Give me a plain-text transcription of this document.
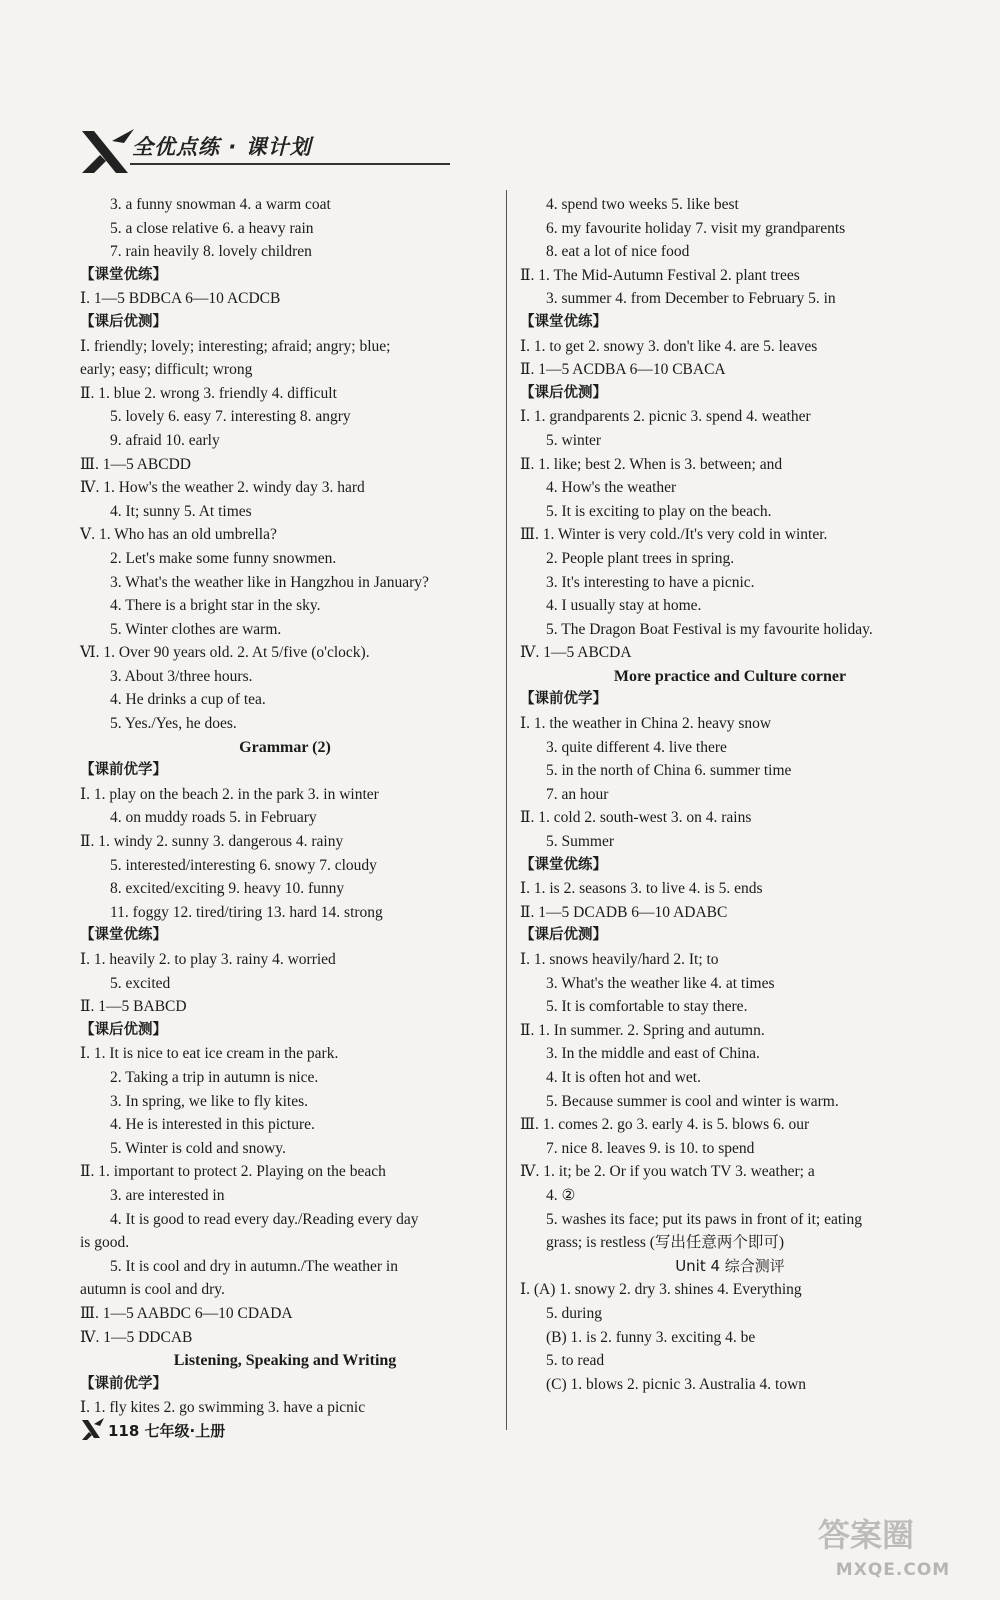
全优点练 · 课计划
3. a funny snowman 4. a warm coat
5. a close relative 6. a heavy rain
7. rain heavily 8. lovely children
【课堂优练】
Ⅰ. 1—5 BDBCA 6—10 ACDCB
【课后优测】
Ⅰ. friendly; lovely; interesting; afraid; angry; blue;
early; easy; difficult; wrong
Ⅱ. 1. blue 2. wrong 3. friendly 4. difficult
5. lovely 6. easy 7. interesting 8. angry
9. afraid 10. early
Ⅲ. 1—5 ABCDD
Ⅳ. 1. How's the weather 2. windy day 3. hard
4. It; sunny 5. At times
Ⅴ. 1. Who has an old umbrella?
2. Let's make some funny snowmen.
3. What's the weather like in Hangzhou in January?
4. There is a bright star in the sky.
5. Winter clothes are warm.
Ⅵ. 1. Over 90 years old. 2. At 5/five (o'clock).
3. About 3/three hours.
4. He drinks a cup of tea.
5. Yes./Yes, he does.
Grammar (2)
【课前优学】
Ⅰ. 1. play on the beach 2. in the park 3. in winter
4. on muddy roads 5. in February
Ⅱ. 1. windy 2. sunny 3. dangerous 4. rainy
5. interested/interesting 6. snowy 7. cloudy
8. excited/exciting 9. heavy 10. funny
11. foggy 12. tired/tiring 13. hard 14. strong
【课堂优练】
Ⅰ. 1. heavily 2. to play 3. rainy 4. worried
5. excited
Ⅱ. 1—5 BABCD
【课后优测】
Ⅰ. 1. It is nice to eat ice cream in the park.
2. Taking a trip in autumn is nice.
3. In spring, we like to fly kites.
4. He is interested in this picture.
5. Winter is cold and snowy.
Ⅱ. 1. important to protect 2. Playing on the beach
3. are interested in
4. It is good to read every day./Reading every day
is good.
5. It is cool and dry in autumn./The weather in
autumn is cool and dry.
Ⅲ. 1—5 AABDC 6—10 CDADA
Ⅳ. 1—5 DDCAB
Listening, Speaking and Writing
【课前优学】
Ⅰ. 1. fly kites 2. go swimming 3. have a picnic
4. spend two weeks 5. like best
6. my favourite holiday 7. visit my grandparents
8. eat a lot of nice food
Ⅱ. 1. The Mid-Autumn Festival 2. plant trees
3. summer 4. from December to February 5. in
【课堂优练】
Ⅰ. 1. to get 2. snowy 3. don't like 4. are 5. leaves
Ⅱ. 1—5 ACDBA 6—10 CBACA
【课后优测】
Ⅰ. 1. grandparents 2. picnic 3. spend 4. weather
5. winter
Ⅱ. 1. like; best 2. When is 3. between; and
4. How's the weather
5. It is exciting to play on the beach.
Ⅲ. 1. Winter is very cold./It's very cold in winter.
2. People plant trees in spring.
3. It's interesting to have a picnic.
4. I usually stay at home.
5. The Dragon Boat Festival is my favourite holiday.
Ⅳ. 1—5 ABCDA
More practice and Culture corner
【课前优学】
Ⅰ. 1. the weather in China 2. heavy snow
3. quite different 4. live there
5. in the north of China 6. summer time
7. an hour
Ⅱ. 1. cold 2. south-west 3. on 4. rains
5. Summer
【课堂优练】
Ⅰ. 1. is 2. seasons 3. to live 4. is 5. ends
Ⅱ. 1—5 DCADB 6—10 ADABC
【课后优测】
Ⅰ. 1. snows heavily/hard 2. It; to
3. What's the weather like 4. at times
5. It is comfortable to stay there.
Ⅱ. 1. In summer. 2. Spring and autumn.
3. In the middle and east of China.
4. It is often hot and wet.
5. Because summer is cool and winter is warm.
Ⅲ. 1. comes 2. go 3. early 4. is 5. blows 6. our
7. nice 8. leaves 9. is 10. to spend
Ⅳ. 1. it; be 2. Or if you watch TV 3. weather; a
4. ②
5. washes its face; put its paws in front of it; eating
grass; is restless (写出任意两个即可)
Unit 4 综合测评
Ⅰ. (A) 1. snowy 2. dry 3. shines 4. Everything
5. during
(B) 1. is 2. funny 3. exciting 4. be
5. to read
(C) 1. blows 2. picnic 3. Australia 4. town
118 七年级·上册
答案圈
MXQE.COM
